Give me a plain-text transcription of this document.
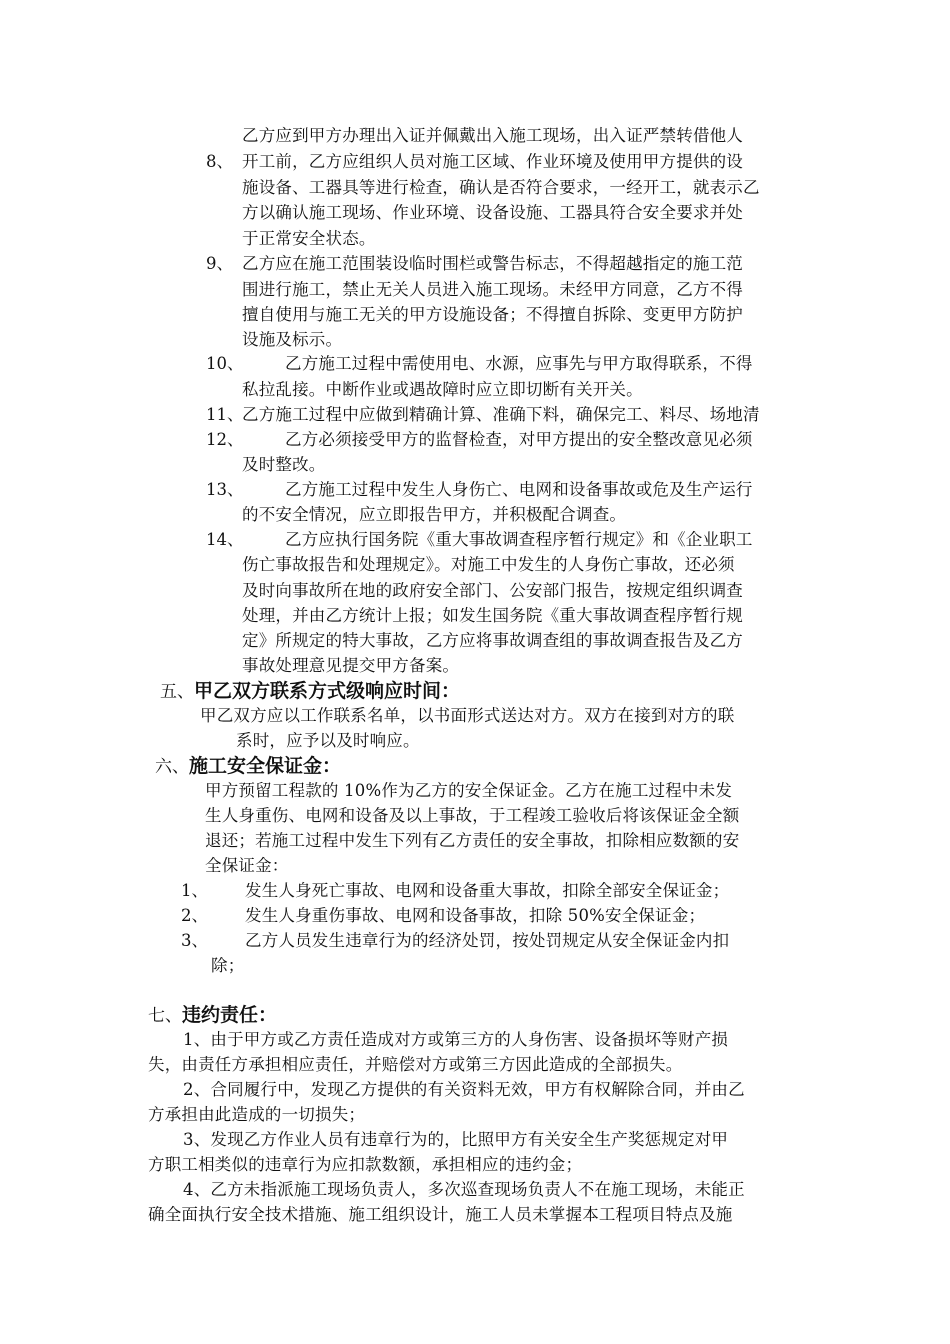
乙方应到甲方办理出入证并佩戴出入施工现场，出入证严禁转借他人
8、 开工前，乙方应组织人员对施工区域、作业环境及使用甲方提供的设
施设备、工器具等进行检查，确认是否符合要求，一经开工，就表示乙
方以确认施工现场、作业环境、设备设施、工器具符合安全要求并处
于正常安全状态。
9、 乙方应在施工范围装设临时围栏或警告标志，不得超越指定的施工范
围进行施工，禁止无关人员进入施工现场。未经甲方同意，乙方不得
擅自使用与施工无关的甲方设施设备；不得擅自拆除、变更甲方防护
设施及标示。
10、	乙方施工过程中需使用电、水源，应事先与甲方取得联系，不得
私拉乱接。中断作业或遇故障时应立即切断有关开关。
11、
乙方施工过程中应做到精确计算、准确下料，确保完工、料尽、场地清
12、	乙方必须接受甲方的监督检查，对甲方提出的安全整改意见必须
及时整改。
13、	乙方施工过程中发生人身伤亡、电网和设备事故或危及生产运行
的不安全情况，应立即报告甲方，并积极配合调查。
14、	乙方应执行国务院《重大事故调查程序暂行规定》和《企业职工
伤亡事故报告和处理规定》。对施工中发生的人身伤亡事故，还必须
及时向事故所在地的政府安全部门、公安部门报告，按规定组织调查
处理，并由乙方统计上报；如发生国务院《重大事故调查程序暂行规
定》所规定的特大事故，乙方应将事故调查组的事故调查报告及乙方
事故处理意见提交甲方备案。
五、甲乙双方联系方式级响应时间：
甲乙双方应以工作联系名单，以书面形式送达对方。双方在接到对方的联
系时，应予以及时响应。
六、施工安全保证金：
甲方预留工程款的 10%作为乙方的安全保证金。乙方在施工过程中未发
生人身重伤、电网和设备及以上事故，于工程竣工验收后将该保证金全额
退还；若施工过程中发生下列有乙方责任的安全事故，扣除相应数额的安
全保证金：
1、 发生人身死亡事故、电网和设备重大事故，扣除全部安全保证金；
2、 发生人身重伤事故、电网和设备事故，扣除 50%安全保证金；
3、 乙方人员发生违章行为的经济处罚，按处罚规定从安全保证金内扣
除；
七、违约责任：
1、由于甲方或乙方责任造成对方或第三方的人身伤害、设备损坏等财产损
失，由责任方承担相应责任，并赔偿对方或第三方因此造成的全部损失。
2、合同履行中，发现乙方提供的有关资料无效，甲方有权解除合同，并由乙
方承担由此造成的一切损失；
3、发现乙方作业人员有违章行为的，比照甲方有关安全生产奖惩规定对甲
方职工相类似的违章行为应扣款数额，承担相应的违约金；
4、乙方未指派施工现场负责人，多次巡查现场负责人不在施工现场，未能正
确全面执行安全技术措施、施工组织设计，施工人员未掌握本工程项目特点及施
